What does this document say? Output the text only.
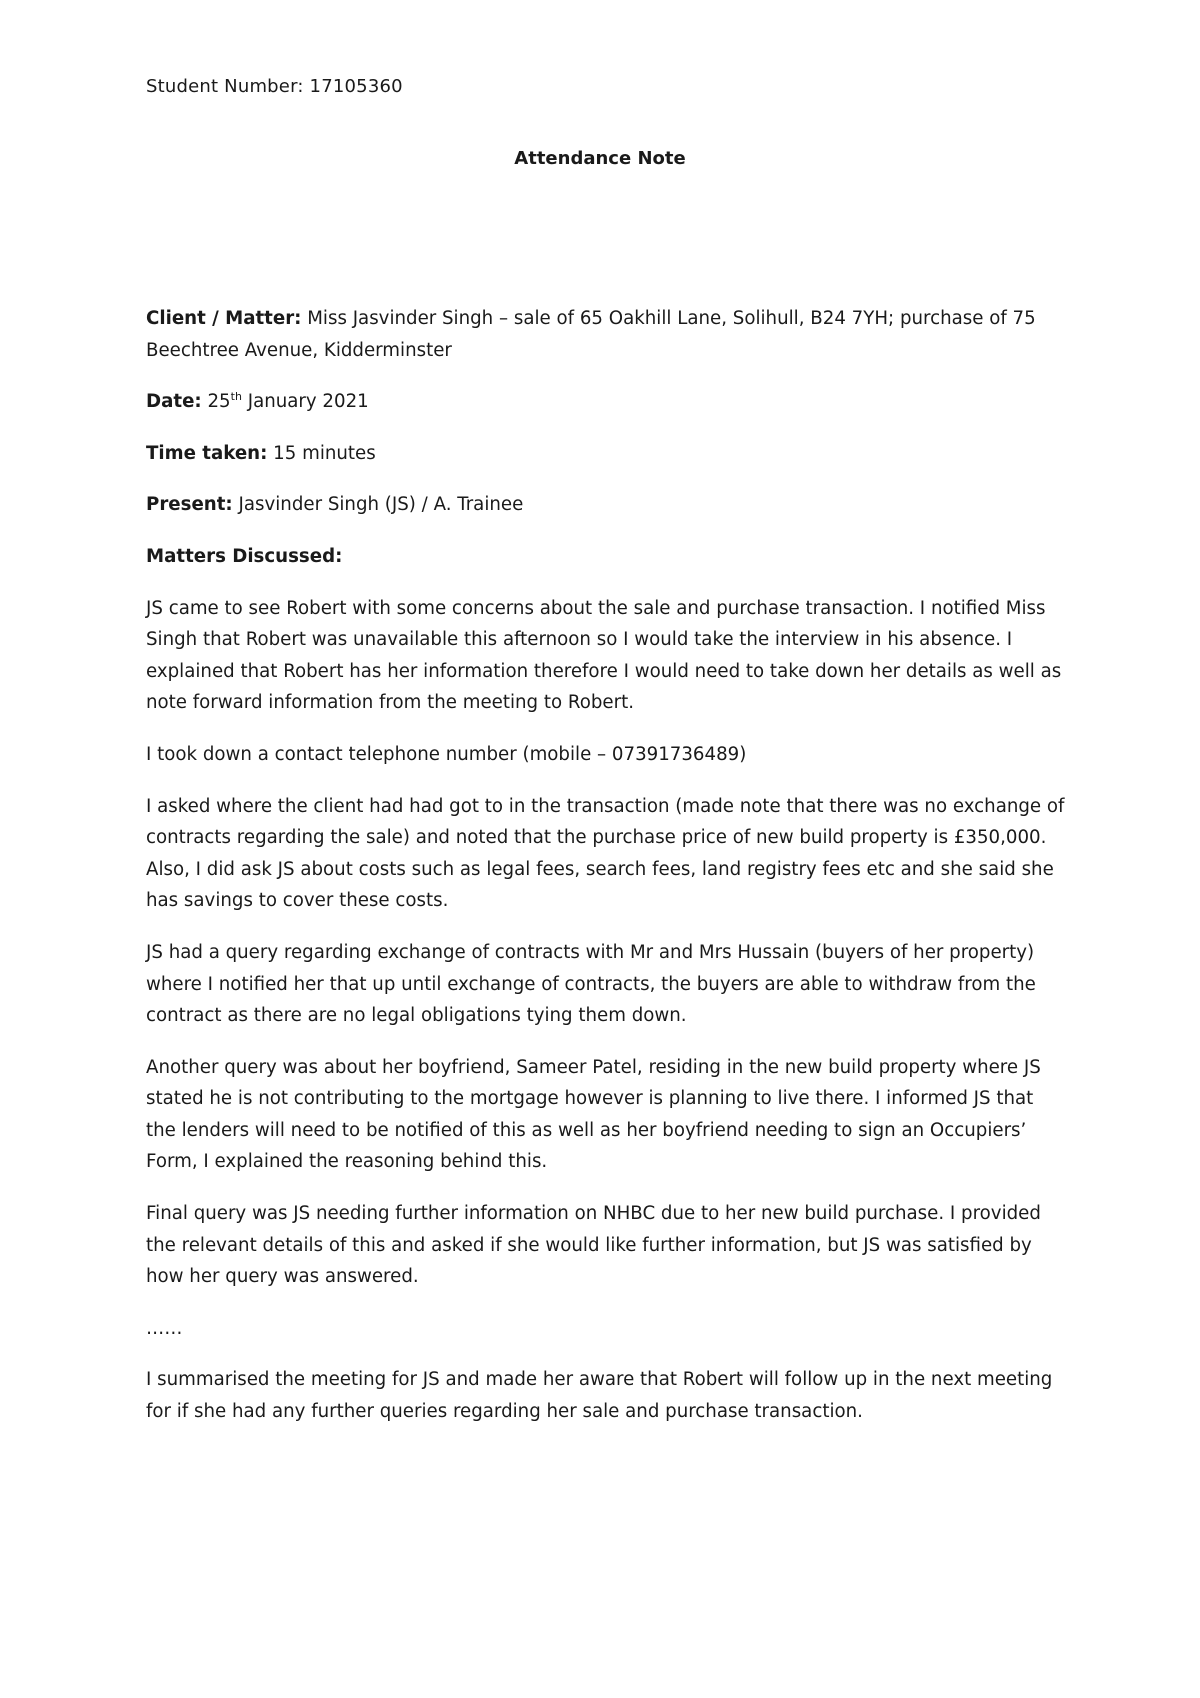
Student Number: 17105360
Attendance Note

Client / Matter: Miss Jasvinder Singh – sale of 65 Oakhill Lane, Solihull, B24 7YH; purchase of 75 Beechtree Avenue, Kidderminster

Date: 25th January 2021

Time taken: 15 minutes

Present: Jasvinder Singh (JS) / A. Trainee

Matters Discussed:

JS came to see Robert with some concerns about the sale and purchase transaction. I notified Miss Singh that Robert was unavailable this afternoon so I would take the interview in his absence. I explained that Robert has her information therefore I would need to take down her details as well as note forward information from the meeting to Robert.

I took down a contact telephone number (mobile – 07391736489)

I asked where the client had had got to in the transaction (made note that there was no exchange of contracts regarding the sale) and noted that the purchase price of new build property is £350,000. Also, I did ask JS about costs such as legal fees, search fees, land registry fees etc and she said she has savings to cover these costs.

JS had a query regarding exchange of contracts with Mr and Mrs Hussain (buyers of her property) where I notified her that up until exchange of contracts, the buyers are able to withdraw from the contract as there are no legal obligations tying them down.

Another query was about her boyfriend, Sameer Patel, residing in the new build property where JS stated he is not contributing to the mortgage however is planning to live there. I informed JS that the lenders will need to be notified of this as well as her boyfriend needing to sign an Occupiers’ Form, I explained the reasoning behind this.

Final query was JS needing further information on NHBC due to her new build purchase. I provided the relevant details of this and asked if she would like further information, but JS was satisfied by how her query was answered.

……

I summarised the meeting for JS and made her aware that Robert will follow up in the next meeting for if she had any further queries regarding her sale and purchase transaction.
